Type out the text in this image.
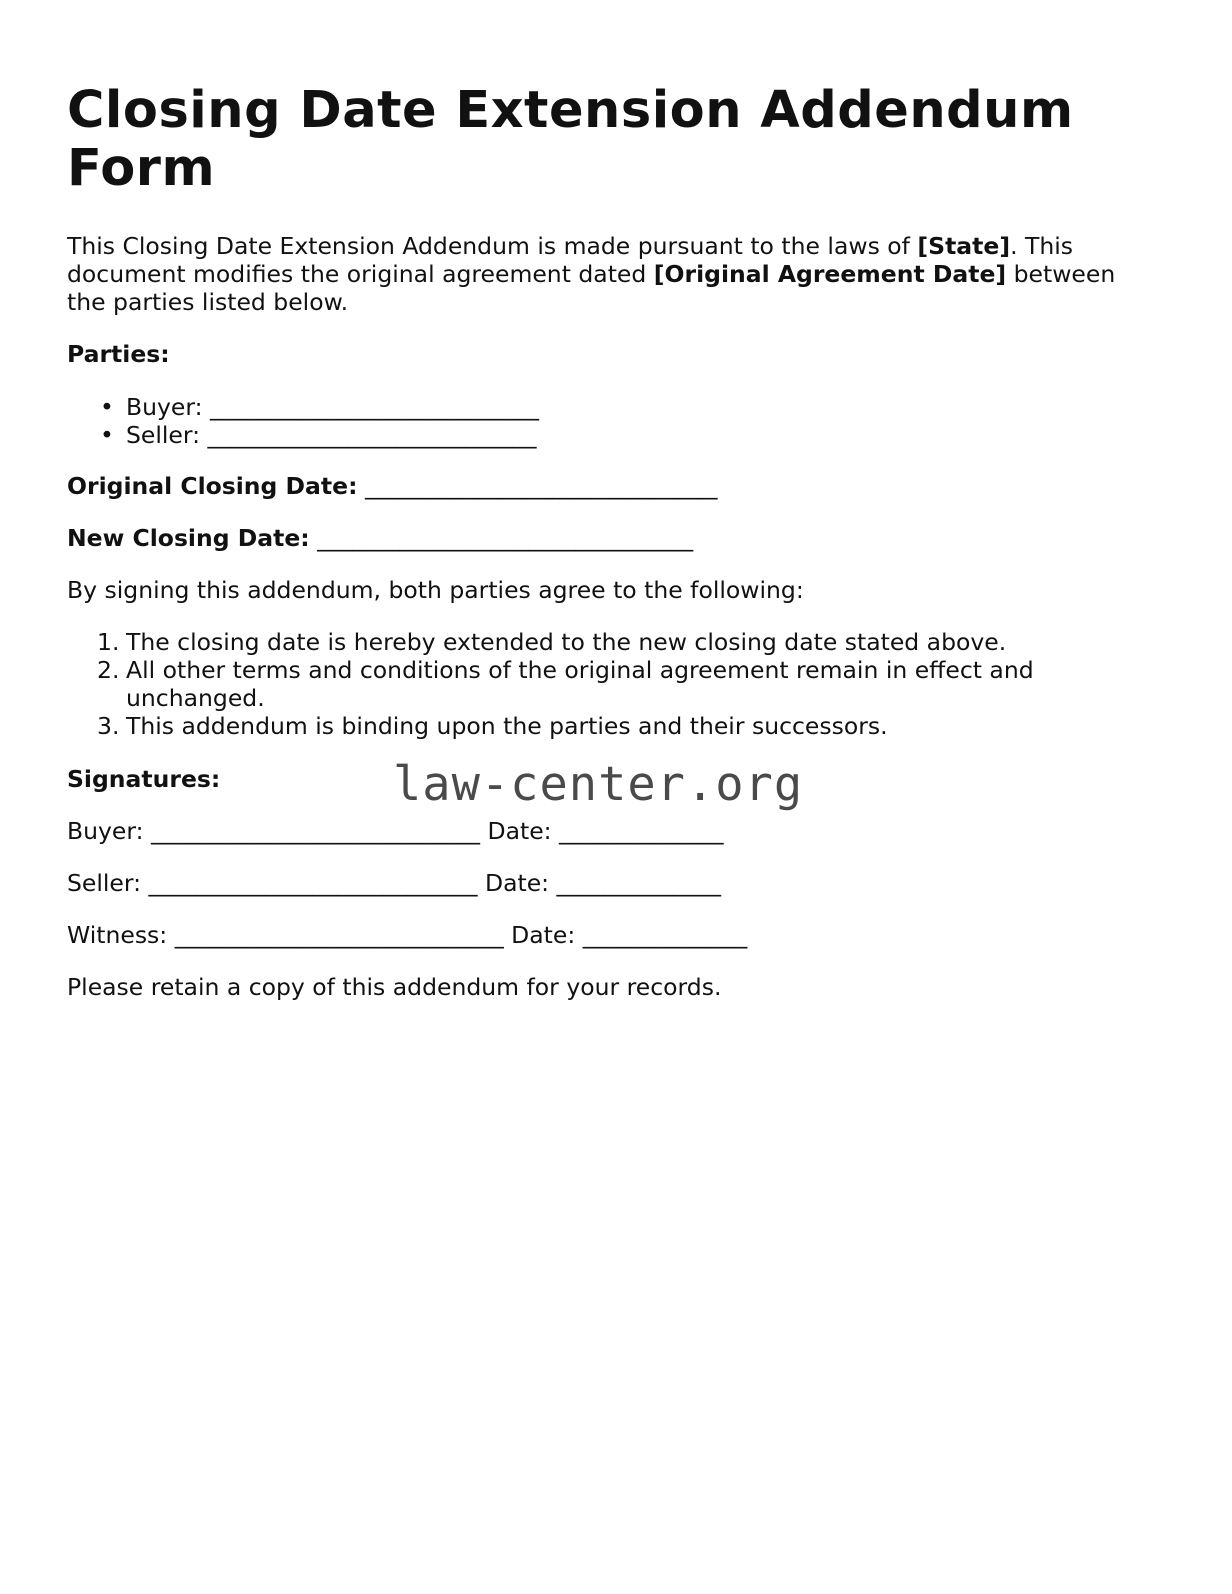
Closing Date Extension Addendum Form

This Closing Date Extension Addendum is made pursuant to the laws of [State]. This document modifies the original agreement dated [Original Agreement Date] between the parties listed below.

Parties:

• Buyer: ____________________________
• Seller: ____________________________

Original Closing Date: ______________________________

New Closing Date: ________________________________

By signing this addendum, both parties agree to the following:

1. The closing date is hereby extended to the new closing date stated above.
2. All other terms and conditions of the original agreement remain in effect and unchanged.
3. This addendum is binding upon the parties and their successors.

Signatures:	law-center.org

Buyer: ____________________________ Date: ______________

Seller: ____________________________ Date: ______________

Witness: ____________________________ Date: ______________

Please retain a copy of this addendum for your records.
